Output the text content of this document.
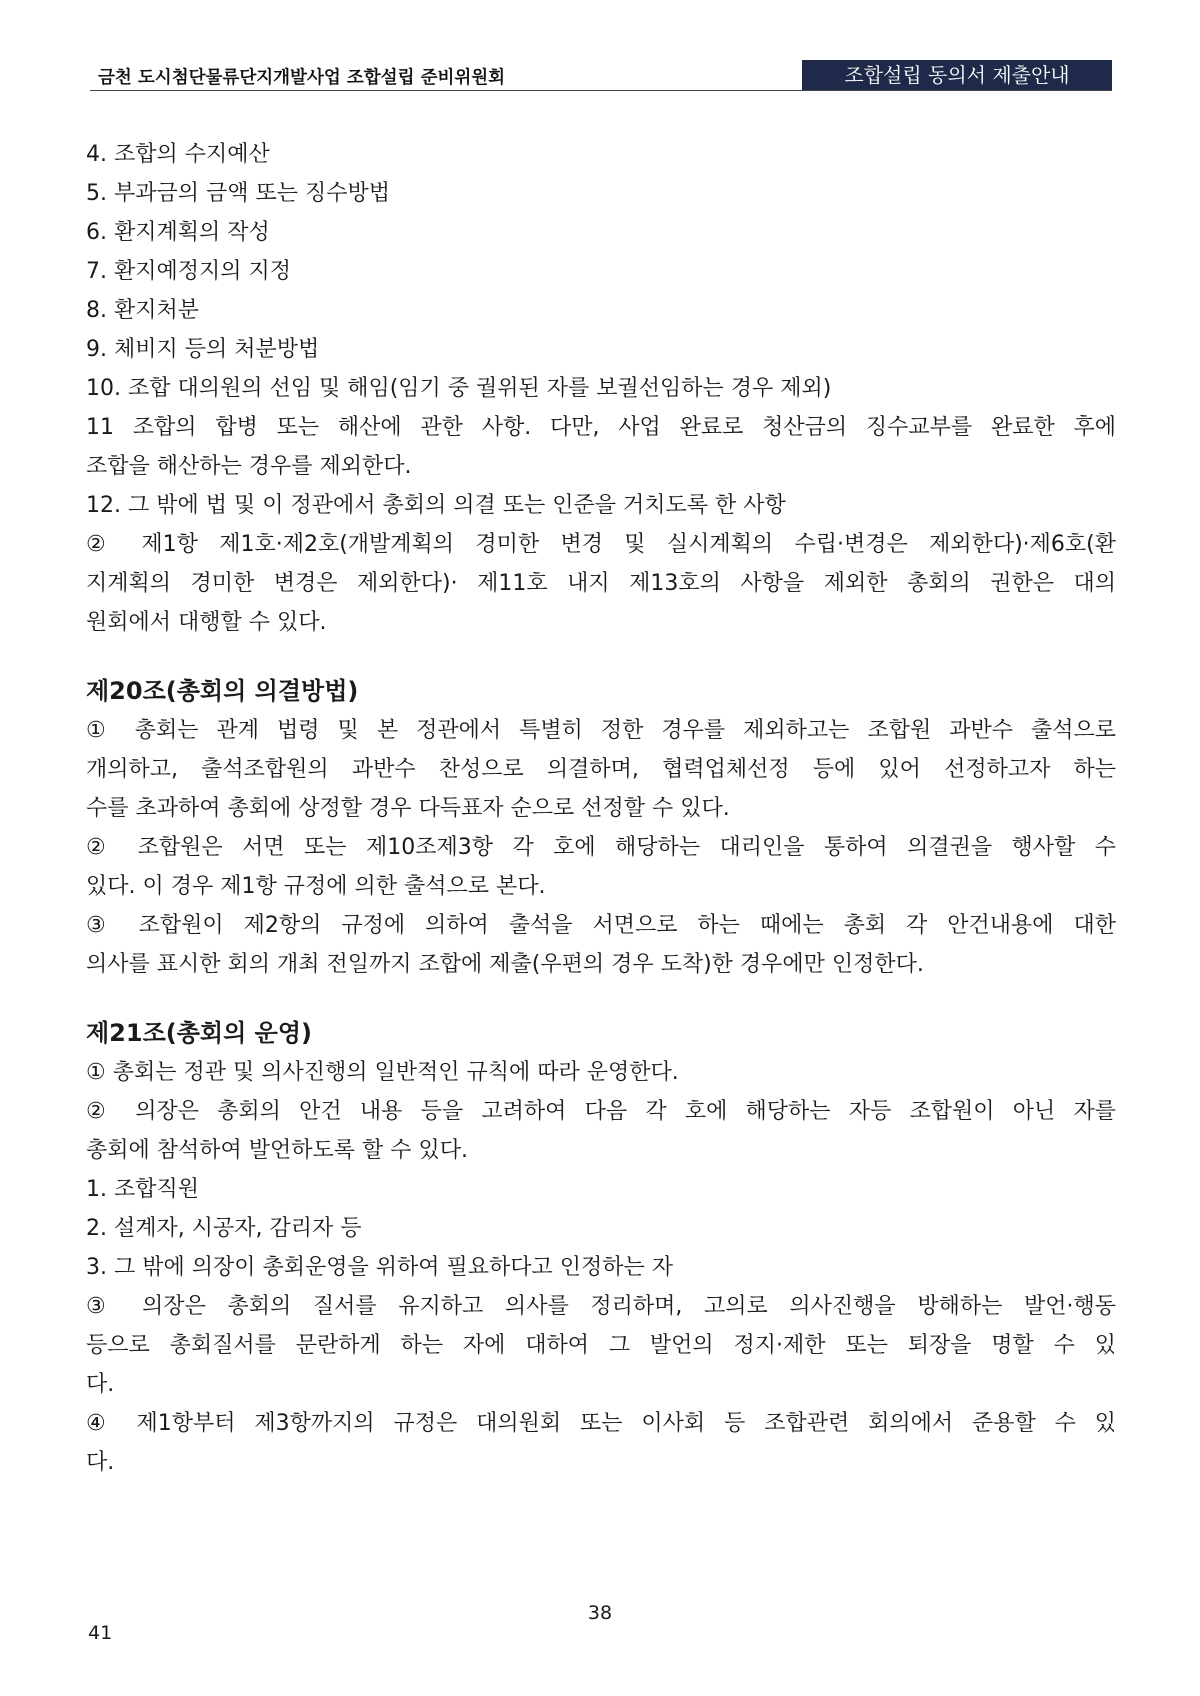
금천 도시첨단물류단지개발사업 조합설립 준비위원회	조합설립 동의서 제출안내
4. 조합의 수지예산
5. 부과금의 금액 또는 징수방법
6. 환지계획의 작성
7. 환지예정지의 지정
8. 환지처분
9. 체비지 등의 처분방법
10. 조합 대의원의 선임 및 해임(임기 중 궐위된 자를 보궐선임하는 경우 제외)
11 조합의 합병 또는 해산에 관한 사항. 다만, 사업 완료로 청산금의 징수교부를 완료한 후에
조합을 해산하는 경우를 제외한다.
12. 그 밖에 법 및 이 정관에서 총회의 의결 또는 인준을 거치도록 한 사항
② 제1항 제1호·제2호(개발계획의 경미한 변경 및 실시계획의 수립·변경은 제외한다)·제6호(환
지계획의 경미한 변경은 제외한다)· 제11호 내지 제13호의 사항을 제외한 총회의 권한은 대의
원회에서 대행할 수 있다.
제20조(총회의 의결방법)
① 총회는 관계 법령 및 본 정관에서 특별히 정한 경우를 제외하고는 조합원 과반수 출석으로
개의하고, 출석조합원의 과반수 찬성으로 의결하며, 협력업체선정 등에 있어 선정하고자 하는
수를 초과하여 총회에 상정할 경우 다득표자 순으로 선정할 수 있다.
② 조합원은 서면 또는 제10조제3항 각 호에 해당하는 대리인을 통하여 의결권을 행사할 수
있다. 이 경우 제1항 규정에 의한 출석으로 본다.
③ 조합원이 제2항의 규정에 의하여 출석을 서면으로 하는 때에는 총회 각 안건내용에 대한
의사를 표시한 회의 개최 전일까지 조합에 제출(우편의 경우 도착)한 경우에만 인정한다.
제21조(총회의 운영)
① 총회는 정관 및 의사진행의 일반적인 규칙에 따라 운영한다.
② 의장은 총회의 안건 내용 등을 고려하여 다음 각 호에 해당하는 자등 조합원이 아닌 자를
총회에 참석하여 발언하도록 할 수 있다.
1. 조합직원
2. 설계자, 시공자, 감리자 등
3. 그 밖에 의장이 총회운영을 위하여 필요하다고 인정하는 자
③ 의장은 총회의 질서를 유지하고 의사를 정리하며, 고의로 의사진행을 방해하는 발언·행동
등으로 총회질서를 문란하게 하는 자에 대하여 그 발언의 정지·제한 또는 퇴장을 명할 수 있
다.
④ 제1항부터 제3항까지의 규정은 대의원회 또는 이사회 등 조합관련 회의에서 준용할 수 있
다.
38
41
